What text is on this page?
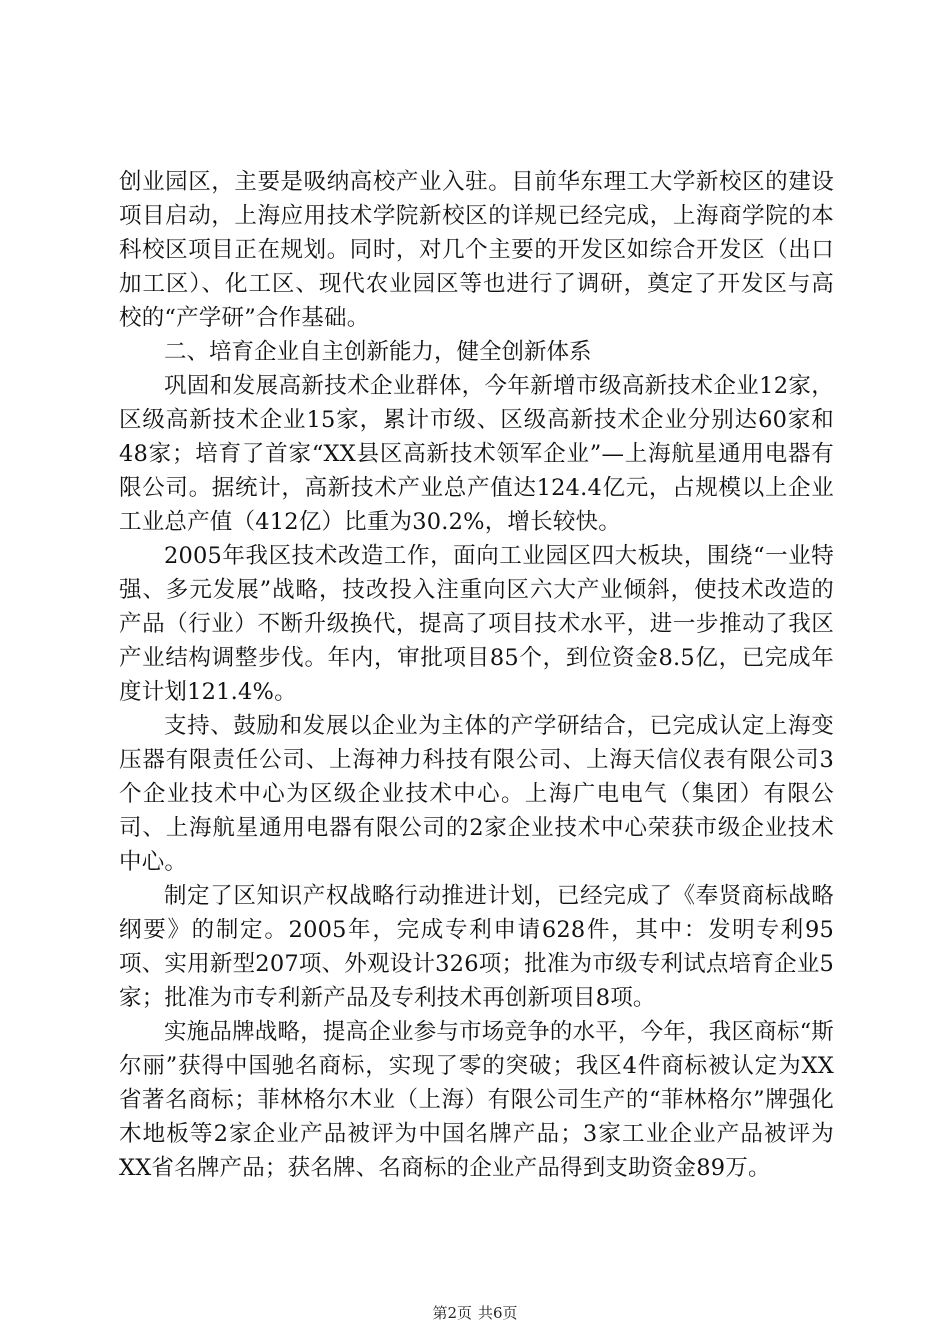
创业园区，主要是吸纳高校产业入驻。目前华东理工大学新校区的建设项目启动，上海应用技术学院新校区的详规已经完成，上海商学院的本科校区项目正在规划。同时，对几个主要的开发区如综合开发区（出口加工区）、化工区、现代农业园区等也进行了调研，奠定了开发区与高校的“产学研”合作基础。

二、培育企业自主创新能力，健全创新体系

巩固和发展高新技术企业群体，今年新增市级高新技术企业12家，区级高新技术企业15家，累计市级、区级高新技术企业分别达60家和48家；培育了首家“XX县区高新技术领军企业”—上海航星通用电器有限公司。据统计，高新技术产业总产值达124.4亿元，占规模以上企业工业总产值（412亿）比重为30.2%，增长较快。

2005年我区技术改造工作，面向工业园区四大板块，围绕“一业特强、多元发展”战略，技改投入注重向区六大产业倾斜，使技术改造的产品（行业）不断升级换代，提高了项目技术水平，进一步推动了我区产业结构调整步伐。年内，审批项目85个，到位资金8.5亿，已完成年度计划121.4%。

支持、鼓励和发展以企业为主体的产学研结合，已完成认定上海变压器有限责任公司、上海神力科技有限公司、上海天信仪表有限公司3个企业技术中心为区级企业技术中心。上海广电电气（集团）有限公司、上海航星通用电器有限公司的2家企业技术中心荣获市级企业技术中心。

制定了区知识产权战略行动推进计划，已经完成了《奉贤商标战略纲要》的制定。2005年，完成专利申请628件，其中：发明专利95项、实用新型207项、外观设计326项；批准为市级专利试点培育企业5家；批准为市专利新产品及专利技术再创新项目8项。

实施品牌战略，提高企业参与市场竞争的水平，今年，我区商标“斯尔丽”获得中国驰名商标，实现了零的突破；我区4件商标被认定为XX省著名商标；菲林格尔木业（上海）有限公司生产的“菲林格尔”牌强化木地板等2家企业产品被评为中国名牌产品；3家工业企业产品被评为XX省名牌产品；获名牌、名商标的企业产品得到支助资金89万。

第2页 共6页
